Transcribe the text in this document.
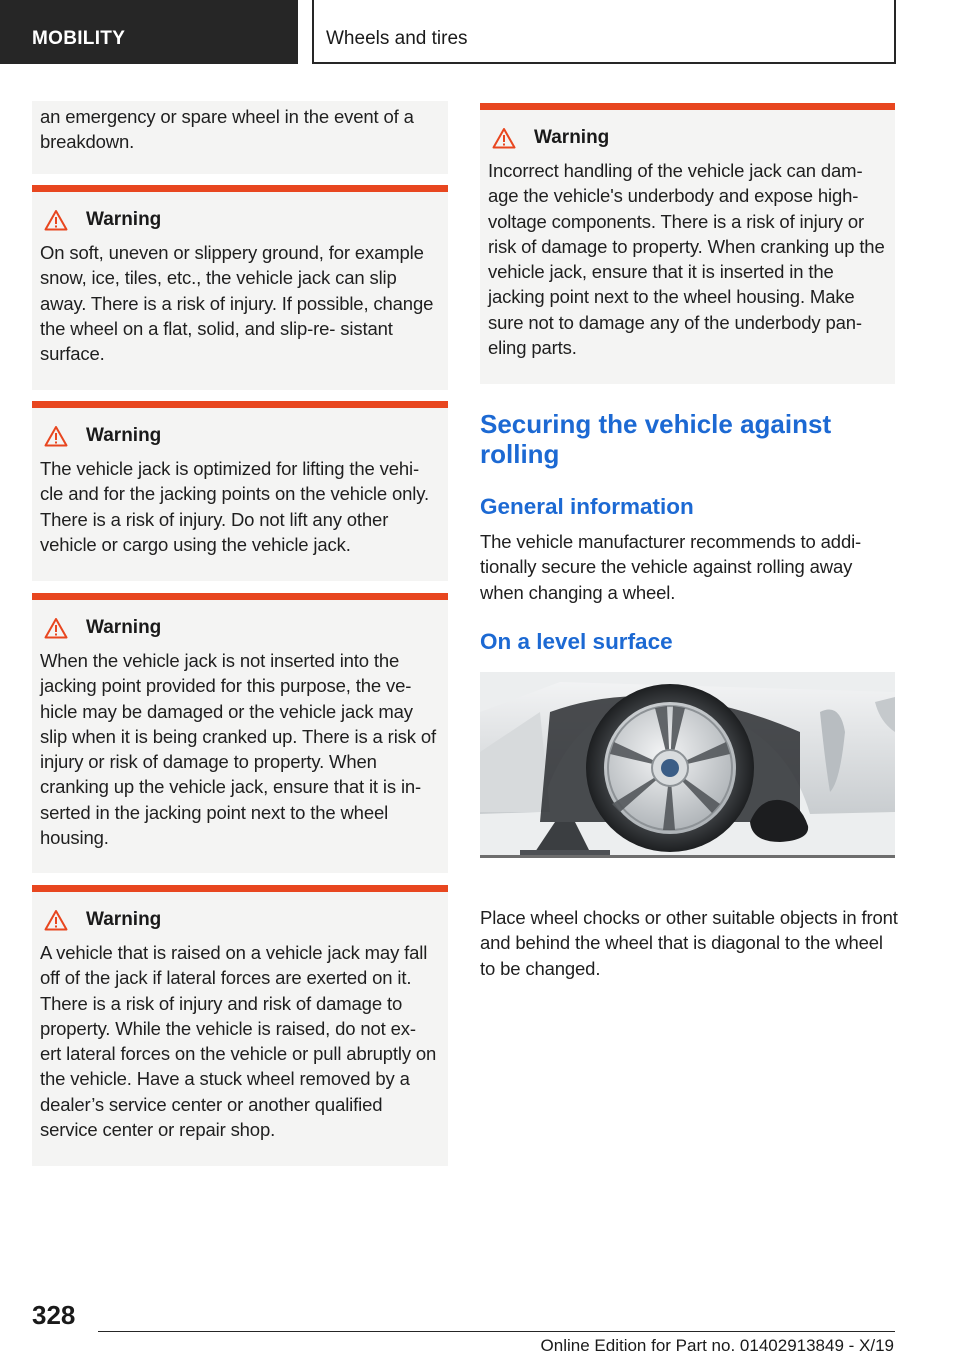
MOBILITY	Wheels and tires

an emergency or spare wheel in the event of a breakdown.

Warning

On soft, uneven or slippery ground, for example snow, ice, tiles, etc., the vehicle jack can slip away. There is a risk of injury. If possible, change the wheel on a flat, solid, and slip-re- sistant surface.

Warning

The vehicle jack is optimized for lifting the vehi- cle and for the jacking points on the vehicle only. There is a risk of injury. Do not lift any other vehicle or cargo using the vehicle jack.

Warning

When the vehicle jack is not inserted into the jacking point provided for this purpose, the ve- hicle may be damaged or the vehicle jack may slip when it is being cranked up. There is a risk of injury or risk of damage to property. When cranking up the vehicle jack, ensure that it is in- serted in the jacking point next to the wheel housing.

Warning

A vehicle that is raised on a vehicle jack may fall off of the jack if lateral forces are exerted on it. There is a risk of injury and risk of damage to property. While the vehicle is raised, do not ex- ert lateral forces on the vehicle or pull abruptly on the vehicle. Have a stuck wheel removed by a dealer’s service center or another qualified service center or repair shop.

Warning

Incorrect handling of the vehicle jack can dam- age the vehicle's underbody and expose high- voltage components. There is a risk of injury or risk of damage to property. When cranking up the vehicle jack, ensure that it is inserted in the jacking point next to the wheel housing. Make sure not to damage any of the underbody pan- eling parts.

Securing the vehicle against rolling
General information

The vehicle manufacturer recommends to addi- tionally secure the vehicle against rolling away when changing a wheel.

On a level surface

Place wheel chocks or other suitable objects in front and behind the wheel that is diagonal to the wheel to be changed.

328
Online Edition for Part no. 01402913849 - X/19
